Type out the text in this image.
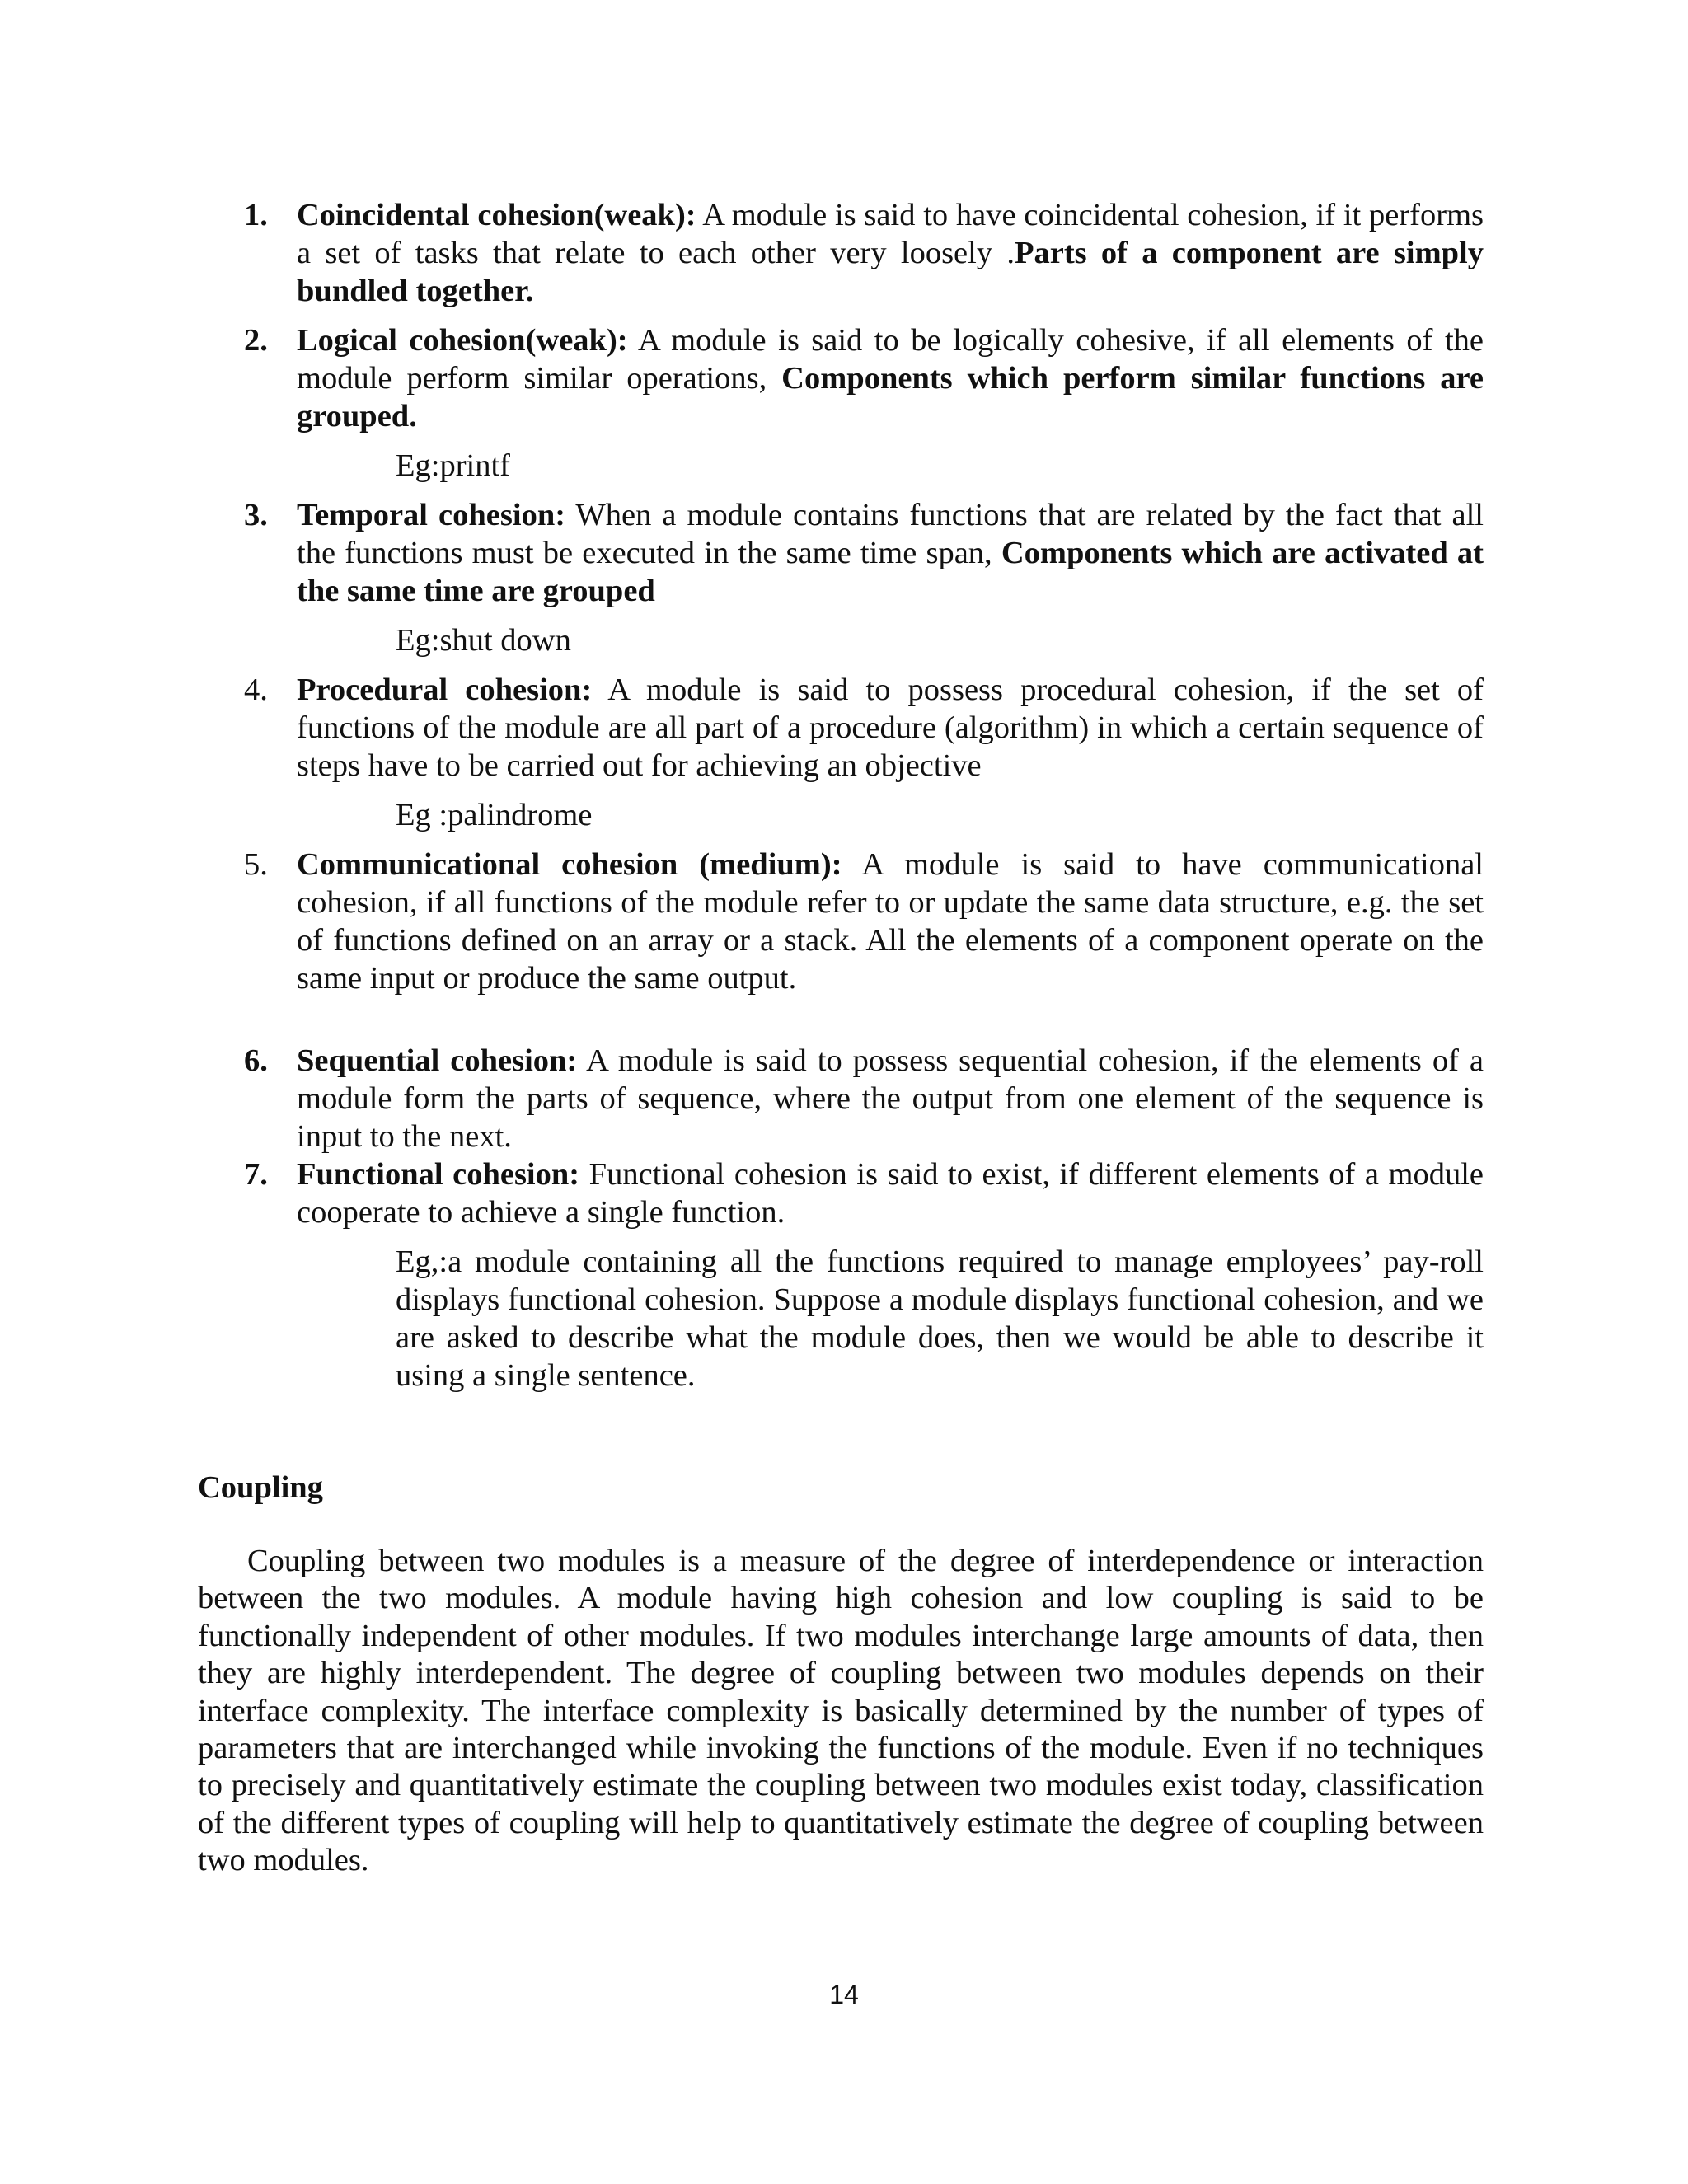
1. Coincidental cohesion(weak): A module is said to have coincidental cohesion, if it performs a set of tasks that relate to each other very loosely .Parts of a component are simply bundled together.
2. Logical cohesion(weak): A module is said to be logically cohesive, if all elements of the module perform similar operations, Components which perform similar functions are grouped.
Eg:printf
3. Temporal cohesion: When a module contains functions that are related by the fact that all the functions must be executed in the same time span, Components which are activated at the same time are grouped
Eg:shut down
4. Procedural cohesion: A module is said to possess procedural cohesion, if the set of functions of the module are all part of a procedure (algorithm) in which a certain sequence of steps have to be carried out for achieving an objective
Eg :palindrome
5. Communicational cohesion (medium): A module is said to have communicational cohesion, if all functions of the module refer to or update the same data structure, e.g. the set of functions defined on an array or a stack. All the elements of a component operate on the same input or produce the same output.
6. Sequential cohesion: A module is said to possess sequential cohesion, if the elements of a module form the parts of sequence, where the output from one element of the sequence is input to the next.
7. Functional cohesion: Functional cohesion is said to exist, if different elements of a module cooperate to achieve a single function.
Eg,:a module containing all the functions required to manage employees’ pay-roll displays functional cohesion. Suppose a module displays functional cohesion, and we are asked to describe what the module does, then we would be able to describe it using a single sentence.
Coupling

Coupling between two modules is a measure of the degree of interdependence or interaction between the two modules. A module having high cohesion and low coupling is said to be functionally independent of other modules. If two modules interchange large amounts of data, then they are highly interdependent. The degree of coupling between two modules depends on their interface complexity. The interface complexity is basically determined by the number of types of parameters that are interchanged while invoking the functions of the module. Even if no techniques to precisely and quantitatively estimate the coupling between two modules exist today, classification of the different types of coupling will help to quantitatively estimate the degree of coupling between two modules.

14
